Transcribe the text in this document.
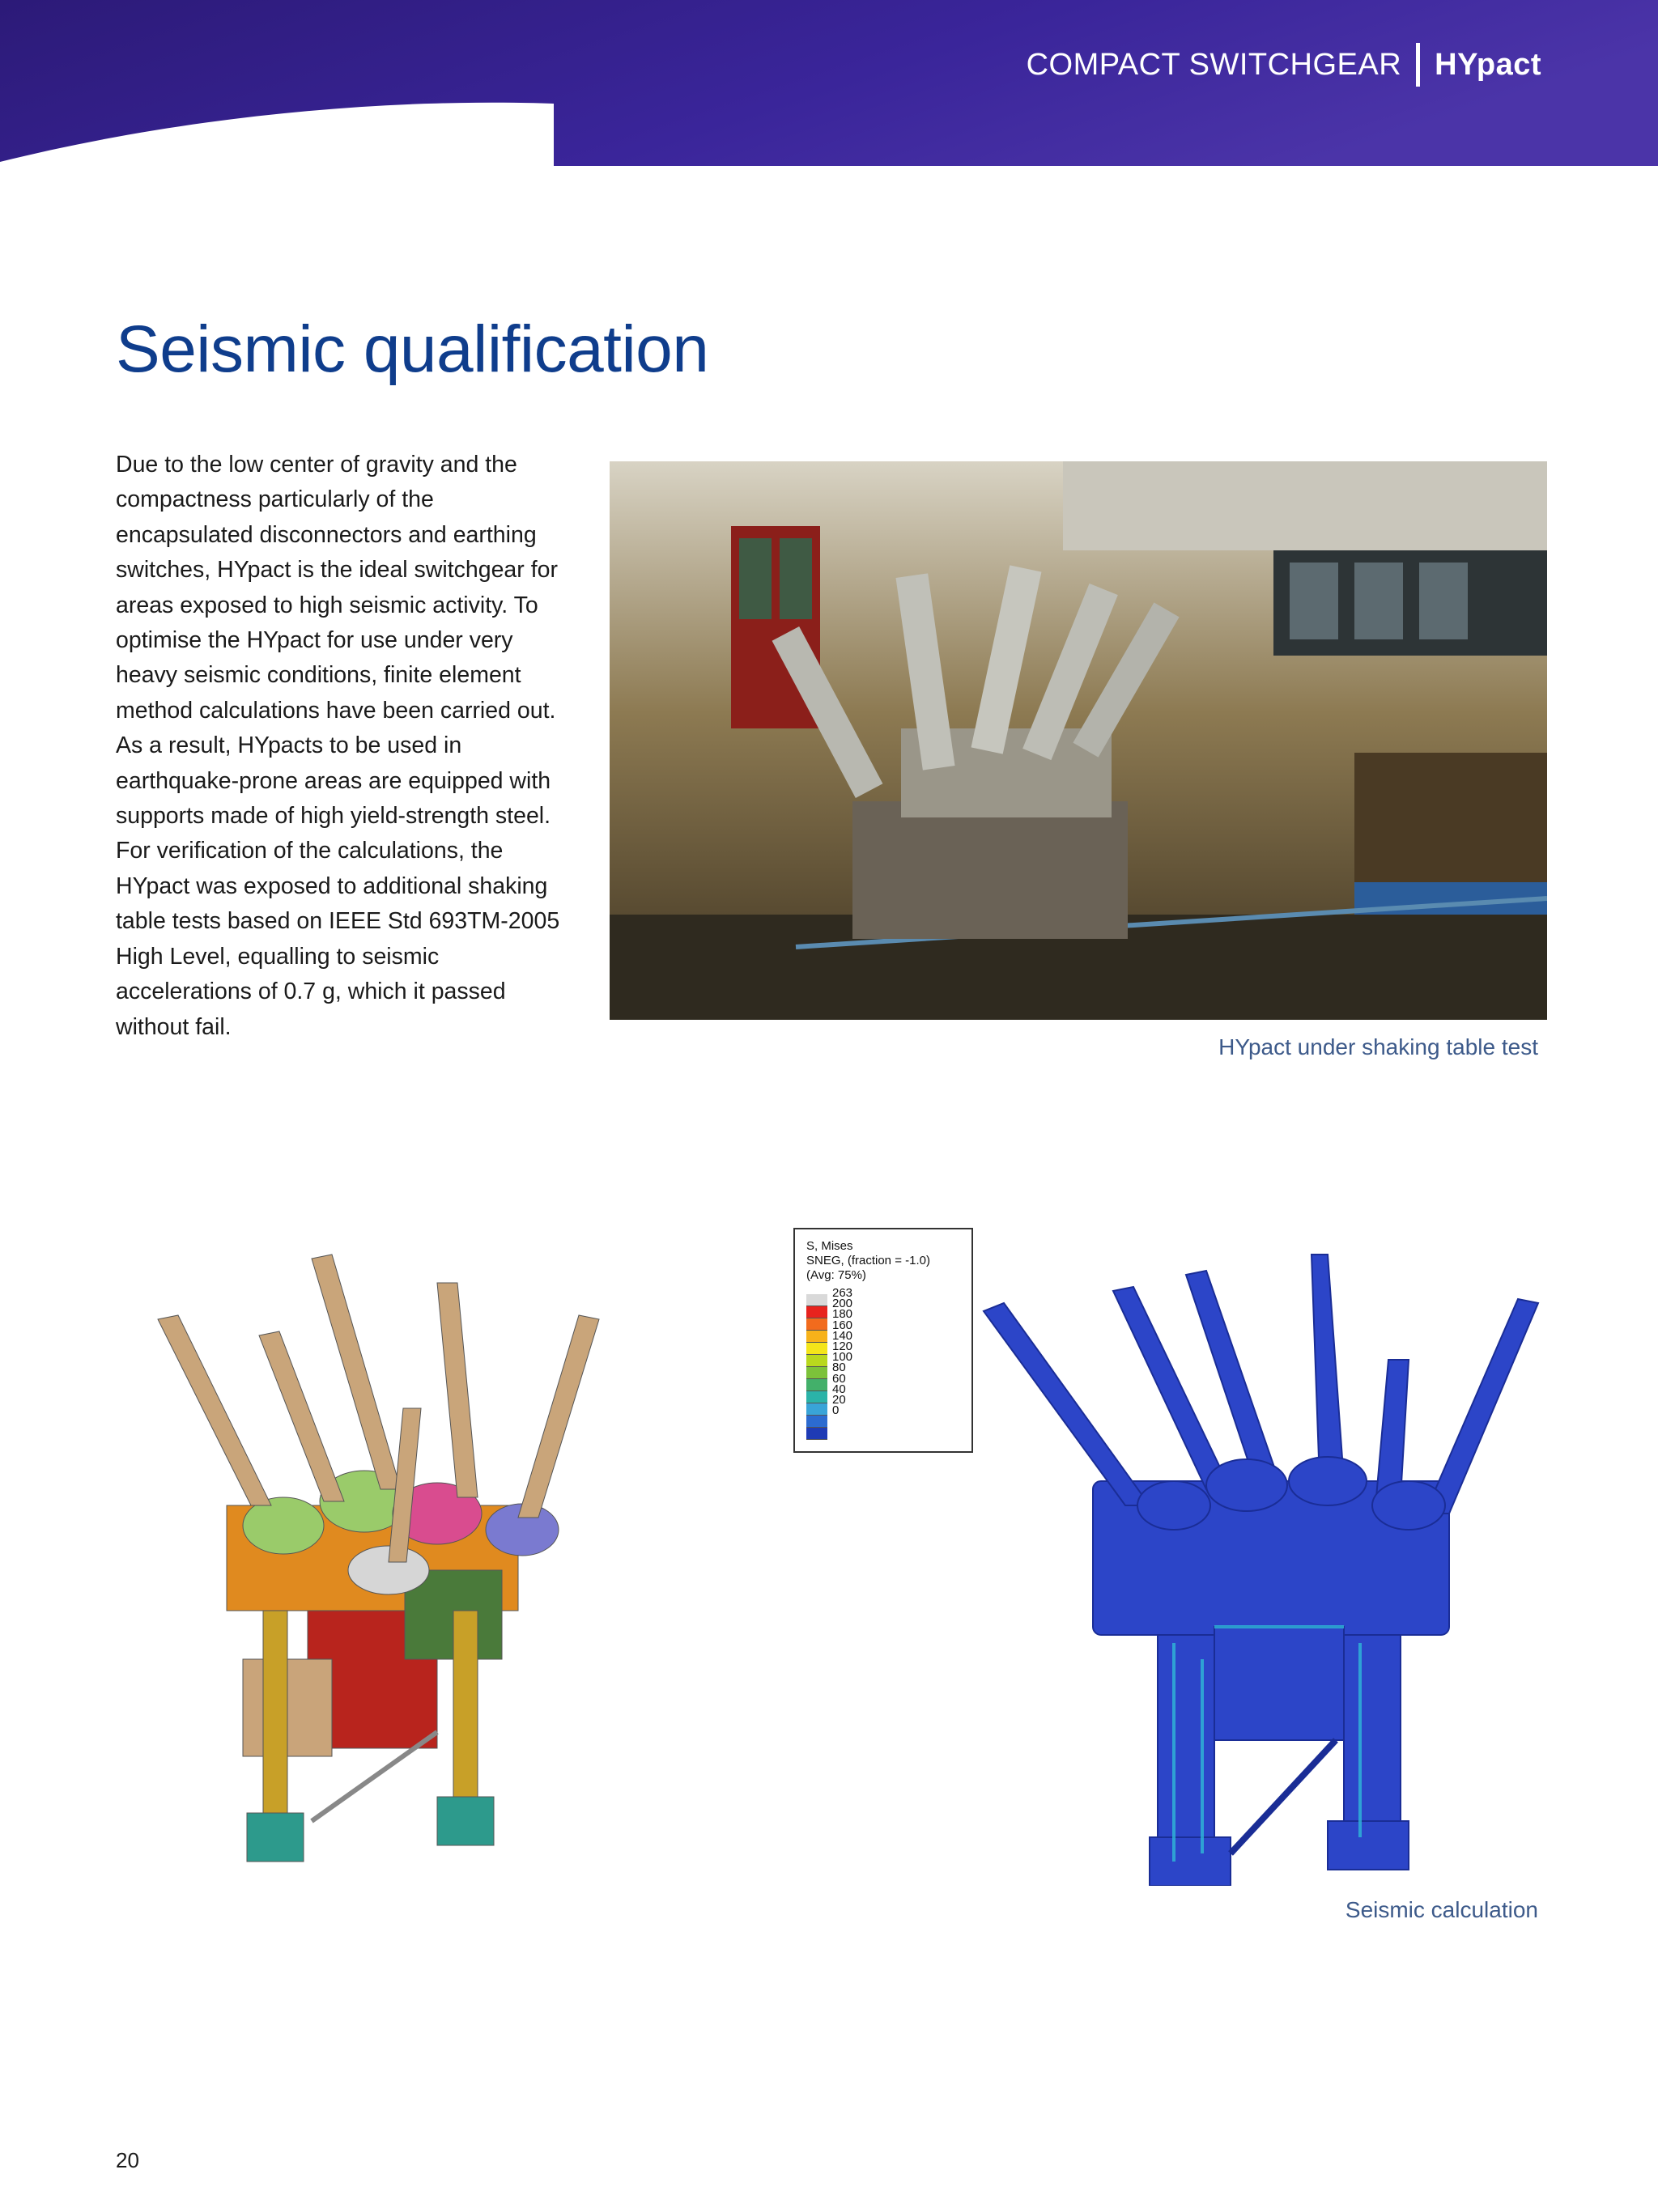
COMPACT SWITCHGEAR HYpact
Seismic qualification

Due to the low center of gravity and the compactness particularly of the encapsulated disconnectors and earthing switches, HYpact is the ideal switchgear for areas exposed to high seismic activity. To optimise the HYpact for use under very heavy seismic conditions, finite element method calculations have been carried out. As a result, HYpacts to be used in earthquake-prone areas are equipped with supports made of high yield-strength steel. For verification of the calculations, the HYpact was exposed to additional shaking table tests based on IEEE Std 693TM-2005 High Level, equalling to seismic accelerations of 0.7 g, which it passed without fail.

HYpact under shaking table test
S, Mises
SNEG, (fraction = -1.0)
(Avg: 75%)
263
200
180
160
140
120
100
80
60
40
20
0
Seismic calculation
20
